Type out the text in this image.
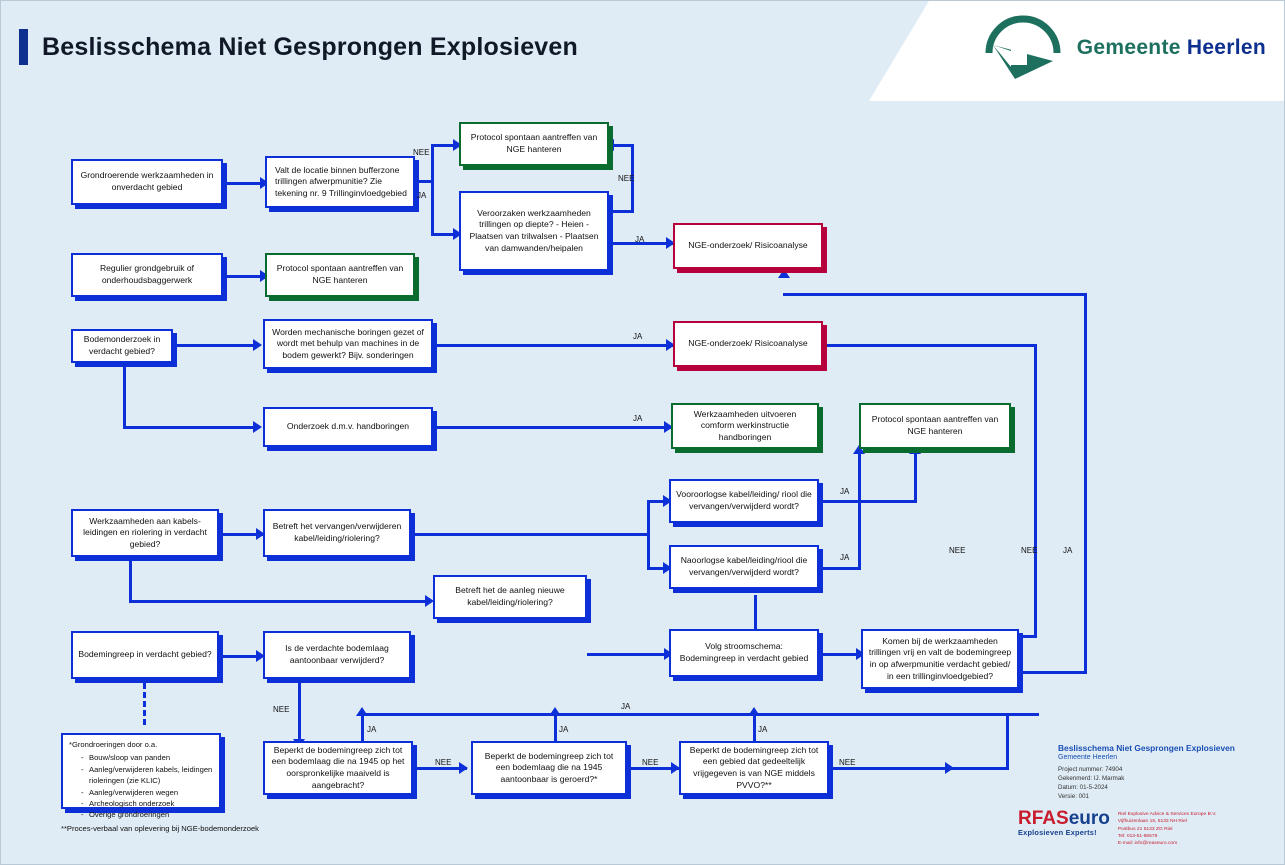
Gemeente Heerlen
Beslisschema Niet Gesprongen Explosieven
NEE
JA
NEE
JA
JA
JA
JA
JA
NEE	NEE	JA
NEE
JA	JA
JA
NEE	NEE	NEE
JA
Grondroerende werkzaamheden in onverdacht gebied
Valt de locatie binnen bufferzone trillingen afwerpmunitie? Zie tekening nr. 9 Trillinginvloedgebied
Protocol spontaan aantreffen van NGE hanteren
Veroorzaken werkzaamheden trillingen op diepte? - Heien - Plaatsen van trilwalsen - Plaatsen van damwanden/heipalen	NGE-onderzoek/ Risicoanalyse
Regulier grondgebruik of onderhoudsbaggerwerk
Protocol spontaan aantreffen van NGE hanteren
Bodemonderzoek in verdacht gebied?
Worden mechanische boringen gezet of wordt met behulp van machines in de bodem gewerkt? Bijv. sonderingen
NGE-onderzoek/ Risicoanalyse
Onderzoek d.m.v. handboringen
Werkzaamheden uitvoeren comform werkinstructie handboringen
Protocol spontaan aantreffen van NGE hanteren
Werkzaamheden aan kabels-leidingen en riolering in verdacht gebied?
Betreft het vervangen/verwijderen kabel/leiding/riolering?
Vooroorlogse kabel/leiding/ riool die vervangen/verwijderd wordt?
Naoorlogse kabel/leiding/riool die vervangen/verwijderd wordt?
Betreft het de aanleg nieuwe kabel/leiding/riolering?
Volg stroomschema: Bodemingreep in verdacht gebied
Komen bij de werkzaamheden trillingen vrij en valt de bodemingreep in op afwerpmunitie verdacht gebied/ in een trillinginvloedgebied?
Bodemingreep in verdacht gebied?
Is de verdachte bodemlaag aantoonbaar verwijderd?
Beperkt de bodemingreep zich tot een bodemlaag die na 1945 op het oorspronkelijke maaiveld is aangebracht?
Beperkt de bodemingreep zich tot een bodemlaag die na 1945 aantoonbaar is geroerd?*
Beperkt de bodemingreep zich tot een gebied dat gedeeltelijk vrijgegeven is van NGE middels PVVO?**
*Grondroeringen door o.a.
- Bouw/sloop van panden
- Aanleg/verwijderen kabels, leidingen rioleringen (zie KLIC)
- Aanleg/verwijderen wegen
- Archeologisch onderzoek
- Overige grondroeringen
**Proces-verbaal van oplevering bij NGE-bodemonderzoek
Beslisschema Niet Gesprongen Explosieven
Gemeente Heerlen
Project nummer: 74904
Gekenmerd: IJ. Marmak
Datum: 01-5-2024
Versie: 001
RFASeuro
Explosieven Experts!
Riel Explosive Advice & Services Europe B.V.
Vijfhuizenlaan 15, 5133 NH Riel
Postbus 21 5133 ZG Riel
Tel: 013-51-86579
E-mail: info@reaseuro.com
